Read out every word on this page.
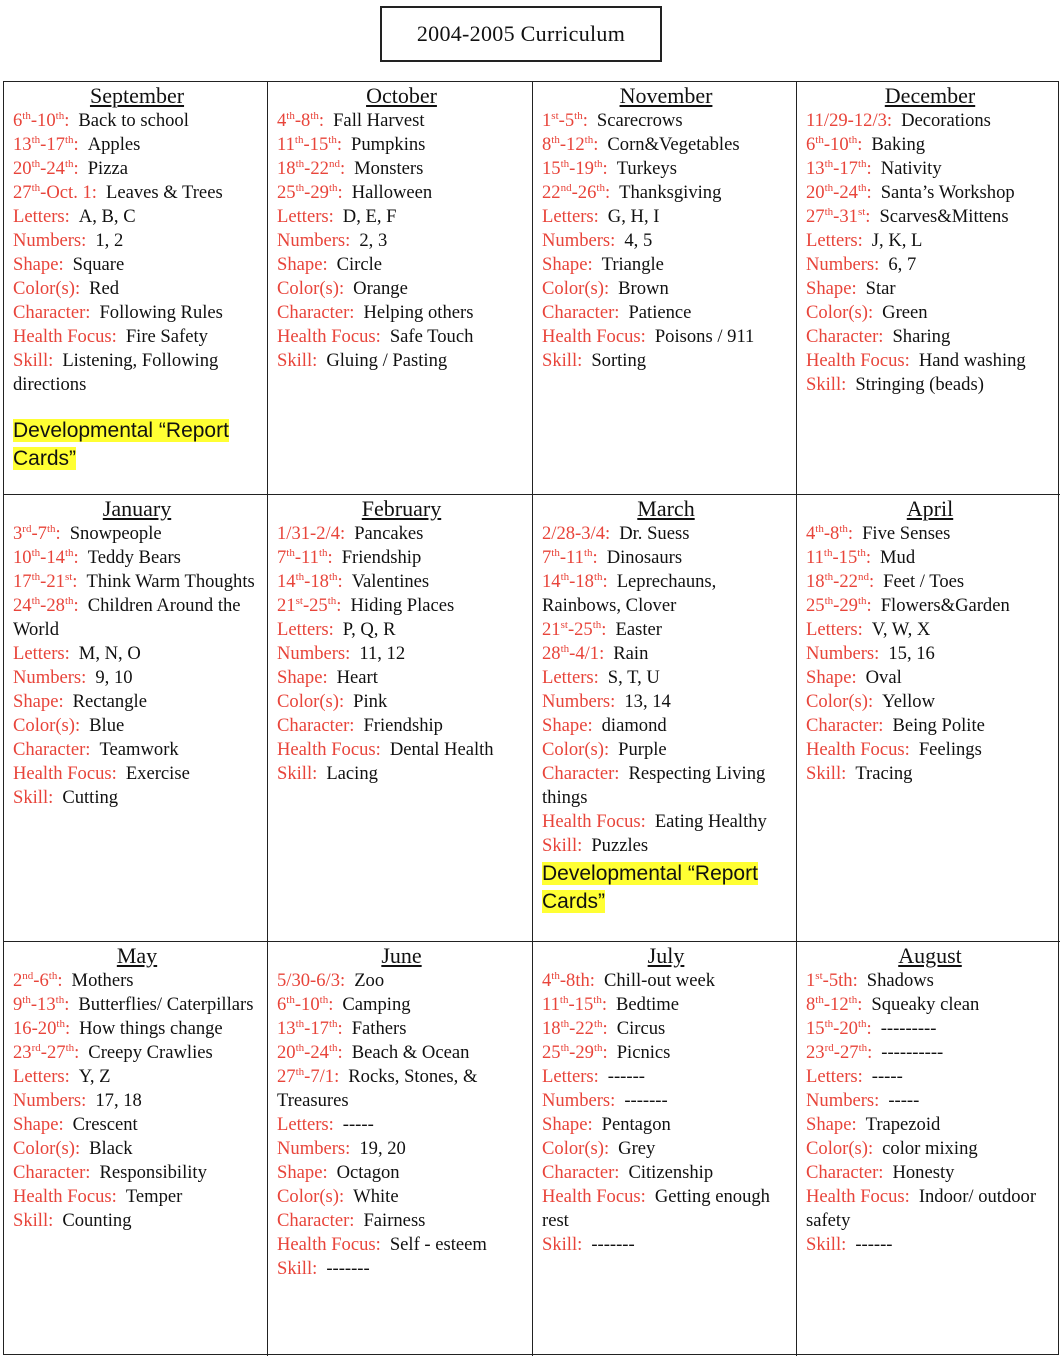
2004-2005 Curriculum
September
6th-10th: Back to school
13th-17th: Apples
20th-24th: Pizza
27th-Oct. 1: Leaves & Trees
Letters: A, B, C
Numbers: 1, 2
Shape: Square
Color(s): Red
Character: Following Rules
Health Focus: Fire Safety
Skill: Listening, Following directions
Developmental “Report Cards”
October
4th-8th: Fall Harvest
11th-15th: Pumpkins
18th-22nd: Monsters
25th-29th: Halloween
Letters: D, E, F
Numbers: 2, 3
Shape: Circle
Color(s): Orange
Character: Helping others
Health Focus: Safe Touch
Skill: Gluing / Pasting
November
1st-5th: Scarecrows
8th-12th: Corn&Vegetables
15th-19th: Turkeys
22nd-26th: Thanksgiving
Letters: G, H, I
Numbers: 4, 5
Shape: Triangle
Color(s): Brown
Character: Patience
Health Focus: Poisons / 911
Skill: Sorting
December
11/29-12/3: Decorations
6th-10th: Baking
13th-17th: Nativity
20th-24th: Santa’s Workshop
27th-31st: Scarves&Mittens
Letters: J, K, L
Numbers: 6, 7
Shape: Star
Color(s): Green
Character: Sharing
Health Focus: Hand washing
Skill: Stringing (beads)
January
3rd-7th: Snowpeople
10th-14th: Teddy Bears
17th-21st: Think Warm Thoughts
24th-28th: Children Around the World
Letters: M, N, O
Numbers: 9, 10
Shape: Rectangle
Color(s): Blue
Character: Teamwork
Health Focus: Exercise
Skill: Cutting
February
1/31-2/4: Pancakes
7th-11th: Friendship
14th-18th: Valentines
21st-25th: Hiding Places
Letters: P, Q, R
Numbers: 11, 12
Shape: Heart
Color(s): Pink
Character: Friendship
Health Focus: Dental Health
Skill: Lacing
March
2/28-3/4: Dr. Suess
7th-11th: Dinosaurs
14th-18th: Leprechauns, Rainbows, Clover
21st-25th: Easter
28th-4/1: Rain
Letters: S, T, U
Numbers: 13, 14
Shape: diamond
Color(s): Purple
Character: Respecting Living things
Health Focus: Eating Healthy
Skill: Puzzles
Developmental “Report Cards”
April
4th-8th: Five Senses
11th-15th: Mud
18th-22nd: Feet / Toes
25th-29th: Flowers&Garden
Letters: V, W, X
Numbers: 15, 16
Shape: Oval
Color(s): Yellow
Character: Being Polite
Health Focus: Feelings
Skill: Tracing
May
2nd-6th: Mothers
9th-13th: Butterflies/ Caterpillars
16-20th: How things change
23rd-27th: Creepy Crawlies
Letters: Y, Z
Numbers: 17, 18
Shape: Crescent
Color(s): Black
Character: Responsibility
Health Focus: Temper
Skill: Counting
June
5/30-6/3: Zoo
6th-10th: Camping
13th-17th: Fathers
20th-24th: Beach & Ocean
27th-7/1: Rocks, Stones, & Treasures
Letters: -----
Numbers: 19, 20
Shape: Octagon
Color(s): White
Character: Fairness
Health Focus: Self - esteem
Skill: -------
July
4th-8th: Chill-out week
11th-15th: Bedtime
18th-22th: Circus
25th-29th: Picnics
Letters: ------
Numbers: -------
Shape: Pentagon
Color(s): Grey
Character: Citizenship
Health Focus: Getting enough rest
Skill: -------
August
1st-5th: Shadows
8th-12th: Squeaky clean
15th-20th: ---------
23rd-27th: ----------
Letters: -----
Numbers: -----
Shape: Trapezoid
Color(s): color mixing
Character: Honesty
Health Focus: Indoor/ outdoor safety
Skill: ------
